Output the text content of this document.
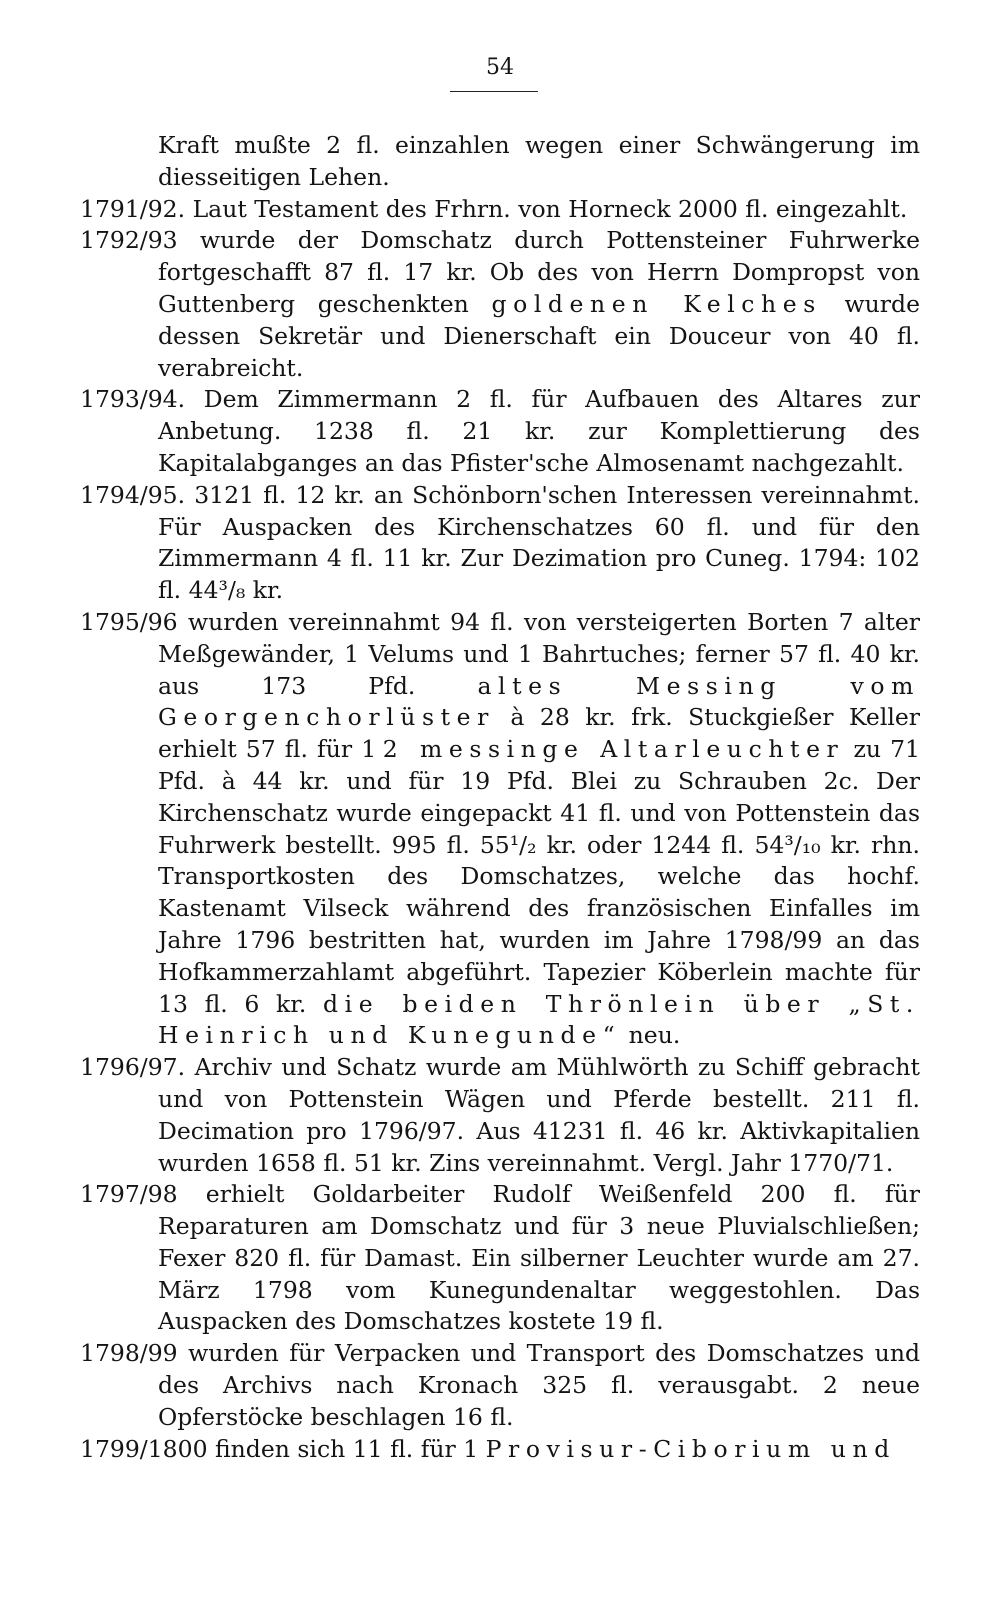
54

Kraft mußte 2 fl. einzahlen wegen einer Schwängerung im diesseitigen Lehen.

1791/92. Laut Testament des Frhrn. von Horneck 2000 fl. eingezahlt.

1792/93 wurde der Domschatz durch Pottensteiner Fuhrwerke fortgeschafft 87 fl. 17 kr. Ob des von Herrn Dompropst von Guttenberg geschenkten goldenen Kelches wurde dessen Sekretär und Dienerschaft ein Douceur von 40 fl. verabreicht.

1793/94. Dem Zimmermann 2 fl. für Aufbauen des Altares zur Anbetung. 1238 fl. 21 kr. zur Komplettierung des Kapitalabganges an das Pfister'sche Almosenamt nachgezahlt.

1794/95. 3121 fl. 12 kr. an Schönborn'schen Interessen vereinnahmt. Für Auspacken des Kirchenschatzes 60 fl. und für den Zimmermann 4 fl. 11 kr. Zur Dezimation pro Cuneg. 1794: 102 fl. 44³/₈ kr.

1795/96 wurden vereinnahmt 94 fl. von versteigerten Borten 7 alter Meßgewänder, 1 Velums und 1 Bahrtuches; ferner 57 fl. 40 kr. aus 173 Pfd. altes Messing vom Georgenchorlüster à 28 kr. frk. Stuckgießer Keller erhielt 57 fl. für 12 messinge Altarleuchter zu 71 Pfd. à 44 kr. und für 19 Pfd. Blei zu Schrauben 2c. Der Kirchenschatz wurde eingepackt 41 fl. und von Pottenstein das Fuhrwerk bestellt. 995 fl. 55¹/₂ kr. oder 1244 fl. 54³/₁₀ kr. rhn. Transportkosten des Domschatzes, welche das hochf. Kastenamt Vilseck während des französischen Einfalles im Jahre 1796 bestritten hat, wurden im Jahre 1798/99 an das Hofkammerzahlamt abgeführt. Tapezier Köberlein machte für 13 fl. 6 kr. die beiden Thrönlein über „St. Heinrich und Kunegunde“ neu.

1796/97. Archiv und Schatz wurde am Mühlwörth zu Schiff gebracht und von Pottenstein Wägen und Pferde bestellt. 211 fl. Decimation pro 1796/97. Aus 41231 fl. 46 kr. Aktivkapitalien wurden 1658 fl. 51 kr. Zins vereinnahmt. Vergl. Jahr 1770/71.

1797/98 erhielt Goldarbeiter Rudolf Weißenfeld 200 fl. für Reparaturen am Domschatz und für 3 neue Pluvialschließen; Fexer 820 fl. für Damast. Ein silberner Leuchter wurde am 27. März 1798 vom Kunegundenaltar weggestohlen. Das Auspacken des Domschatzes kostete 19 fl.

1798/99 wurden für Verpacken und Transport des Domschatzes und des Archivs nach Kronach 325 fl. verausgabt. 2 neue Opferstöcke beschlagen 16 fl.

1799/1800 finden sich 11 fl. für 1 Provisur-Ciborium und
